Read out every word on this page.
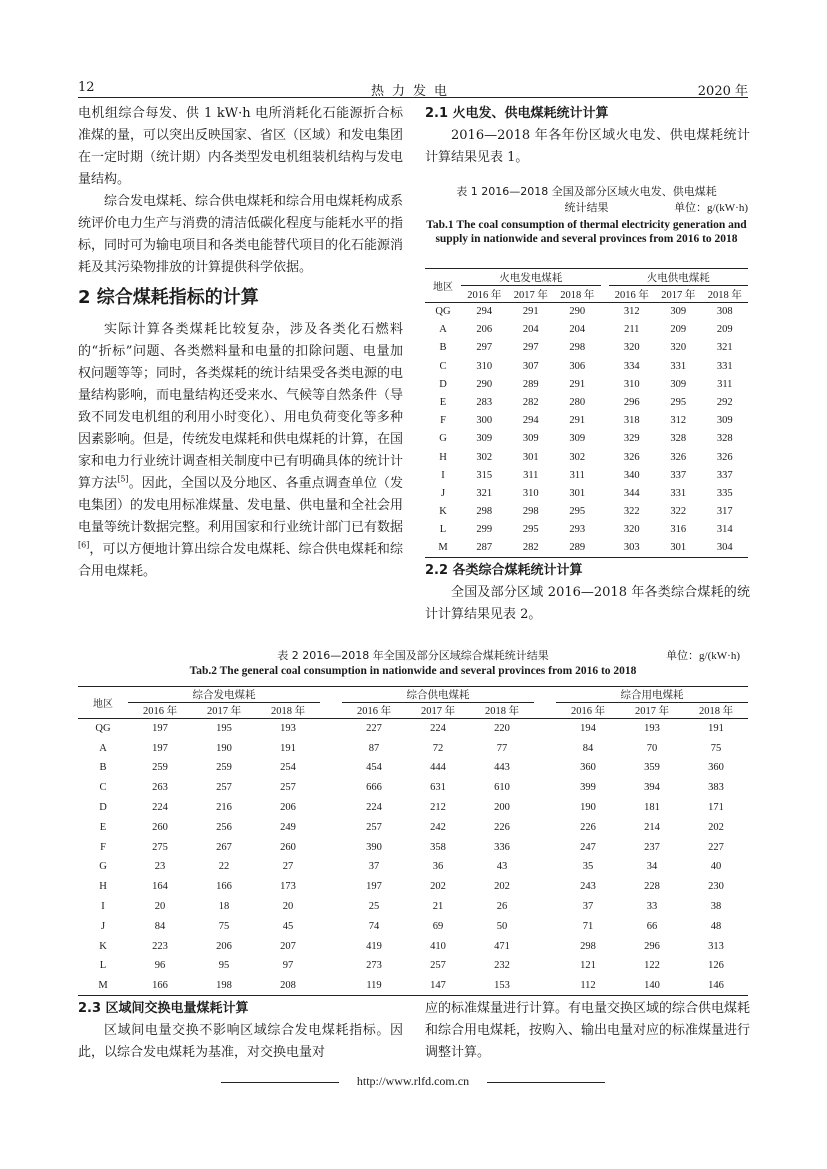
12	热力发电	2020 年

电机组综合每发、供 1 kW·h 电所消耗化石能源折合标准煤的量，可以突出反映国家、省区（区域）和发电集团在一定时期（统计期）内各类型发电机组装机结构与发电量结构。

综合发电煤耗、综合供电煤耗和综合用电煤耗构成系统评价电力生产与消费的清洁低碳化程度与能耗水平的指标，同时可为输电项目和各类电能替代项目的化石能源消耗及其污染物排放的计算提供科学依据。

2 综合煤耗指标的计算

实际计算各类煤耗比较复杂，涉及各类化石燃料的“折标”问题、各类燃料量和电量的扣除问题、电量加权问题等等；同时，各类煤耗的统计结果受各类电源的电量结构影响，而电量结构还受来水、气候等自然条件（导致不同发电机组的利用小时变化）、用电负荷变化等多种因素影响。但是，传统发电煤耗和供电煤耗的计算，在国家和电力行业统计调查相关制度中已有明确具体的统计计算方法[5]。因此，全国以及分地区、各重点调查单位（发电集团）的发电用标准煤量、发电量、供电量和全社会用电量等统计数据完整。利用国家和行业统计部门已有数据[6]，可以方便地计算出综合发电煤耗、综合供电煤耗和综合用电煤耗。

2.1 火电发、供电煤耗统计计算

2016—2018 年各年份区域火电发、供电煤耗统计计算结果见表 1。

表 1 2016—2018 全国及部分区域火电发、供电煤耗
统计结果	单位：g/(kW·h)
Tab.1 The coal consumption of thermal electricity generation and supply in nationwide and several provinces from 2016 to 2018
地区	火电发电煤耗				火电供电煤耗		
	2016 年	2017 年	2018 年		2016 年	2017 年	2018 年
QG	294	291	290		312	309	308
A	206	204	204		211	209	209
B	297	297	298		320	320	321
C	310	307	306		334	331	331
D	290	289	291		310	309	311
E	283	282	280		296	295	292
F	300	294	291		318	312	309
G	309	309	309		329	328	328
H	302	301	302		326	326	326
I	315	311	311		340	337	337
J	321	310	301		344	331	335
K	298	298	295		322	322	317
L	299	295	293		320	316	314
M	287	282	289		303	301	304
2.2 各类综合煤耗统计计算

全国及部分区域 2016—2018 年各类综合煤耗的统计计算结果见表 2。

表 2 2016—2018 年全国及部分区域综合煤耗统计结果	单位：g/(kW·h)
Tab.2 The general coal consumption in nationwide and several provinces from 2016 to 2018
地区	综合发电煤耗				综合供电煤耗				综合用电煤耗		
	2016 年	2017 年	2018 年		2016 年	2017 年	2018 年		2016 年	2017 年	2018 年
QG	197	195	193		227	224	220		194	193	191
A	197	190	191		87	72	77		84	70	75
B	259	259	254		454	444	443		360	359	360
C	263	257	257		666	631	610		399	394	383
D	224	216	206		224	212	200		190	181	171
E	260	256	249		257	242	226		226	214	202
F	275	267	260		390	358	336		247	237	227
G	23	22	27		37	36	43		35	34	40
H	164	166	173		197	202	202		243	228	230
I	20	18	20		25	21	26		37	33	38
J	84	75	45		74	69	50		71	66	48
K	223	206	207		419	410	471		298	296	313
L	96	95	97		273	257	232		121	122	126
M	166	198	208		119	147	153		112	140	146
2.3 区域间交换电量煤耗计算

区域间电量交换不影响区域综合发电煤耗指标。因此，以综合发电煤耗为基准，对交换电量对

应的标准煤量进行计算。有电量交换区域的综合供电煤耗和综合用电煤耗，按购入、输出电量对应的标准煤量进行调整计算。

http://www.rlfd.com.cn
